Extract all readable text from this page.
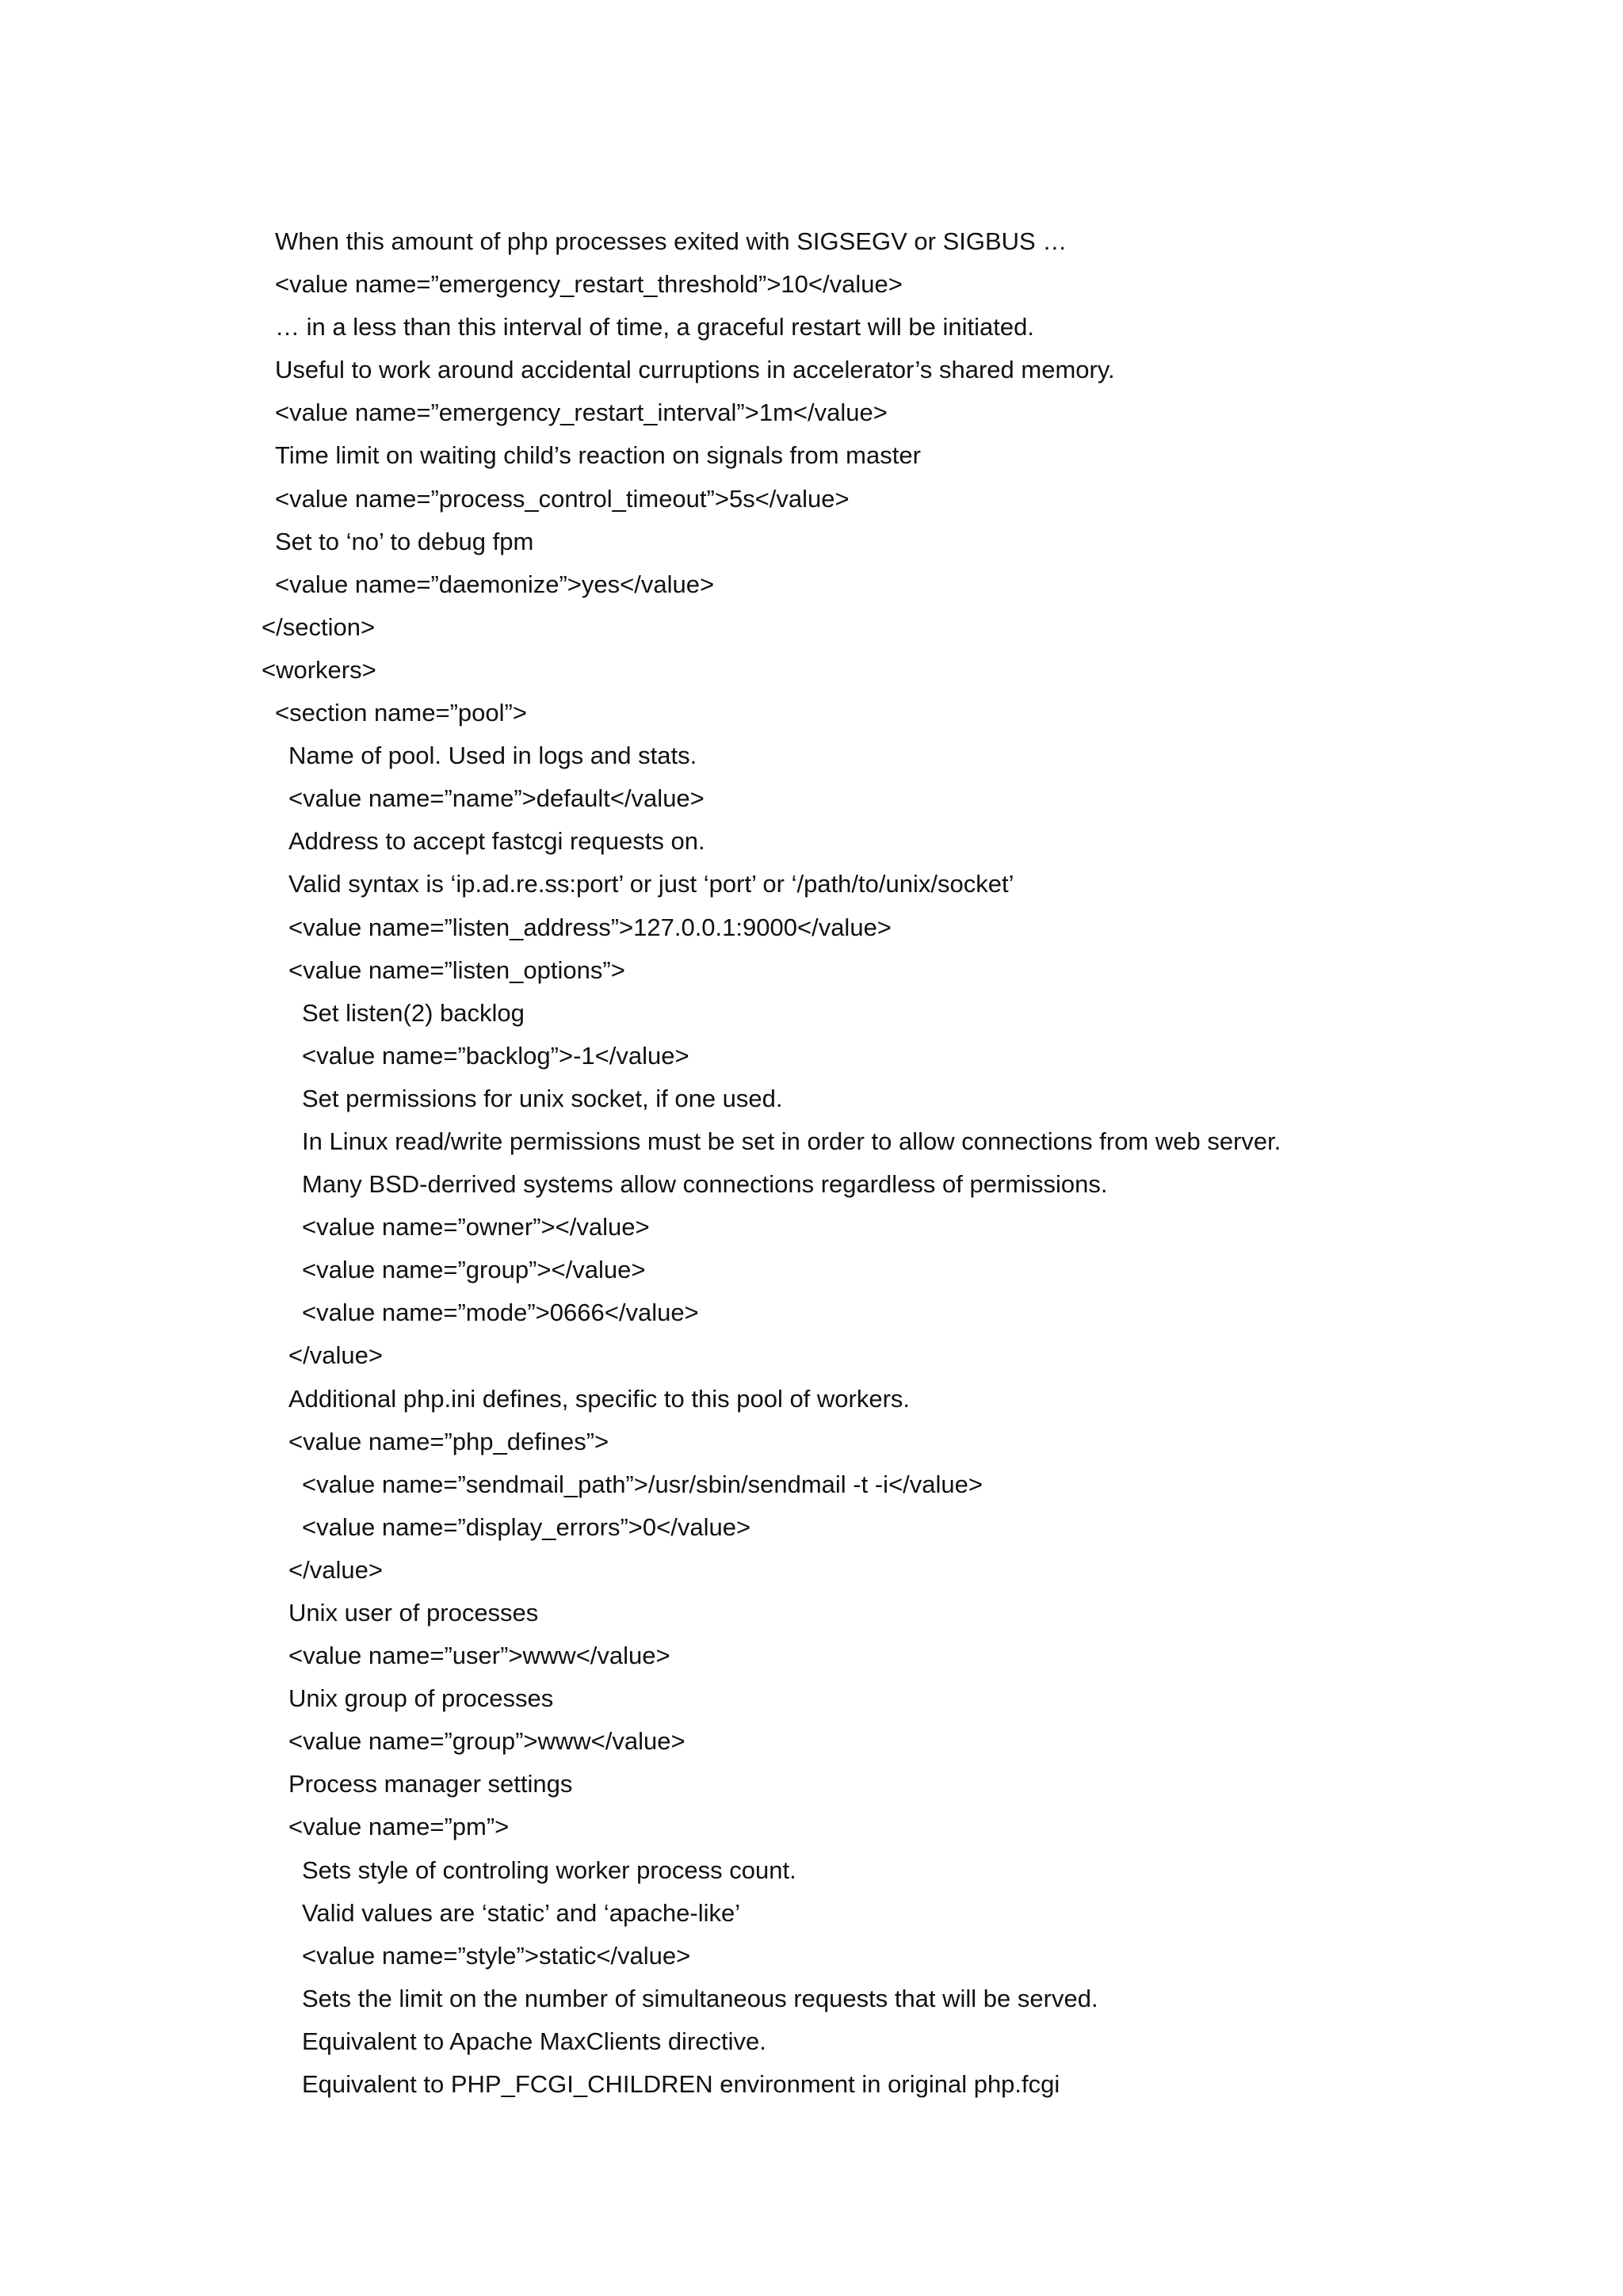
When this amount of php processes exited with SIGSEGV or SIGBUS …
<value name=”emergency_restart_threshold”>10</value>
… in a less than this interval of time, a graceful restart will be initiated.
Useful to work around accidental curruptions in accelerator’s shared memory.
<value name=”emergency_restart_interval”>1m</value>
Time limit on waiting child’s reaction on signals from master
<value name=”process_control_timeout”>5s</value>
Set to ‘no’ to debug fpm
<value name=”daemonize”>yes</value>
</section>
<workers>
<section name=”pool”>
Name of pool. Used in logs and stats.
<value name=”name”>default</value>
Address to accept fastcgi requests on.
Valid syntax is ‘ip.ad.re.ss:port’ or just ‘port’ or ‘/path/to/unix/socket’
<value name=”listen_address”>127.0.0.1:9000</value>
<value name=”listen_options”>
Set listen(2) backlog
<value name=”backlog”>-1</value>
Set permissions for unix socket, if one used.
In Linux read/write permissions must be set in order to allow connections from web server.
Many BSD-derrived systems allow connections regardless of permissions.
<value name=”owner”></value>
<value name=”group”></value>
<value name=”mode”>0666</value>
</value>
Additional php.ini defines, specific to this pool of workers.
<value name=”php_defines”>
<value name=”sendmail_path”>/usr/sbin/sendmail -t -i</value>
<value name=”display_errors”>0</value>
</value>
Unix user of processes
<value name=”user”>www</value>
Unix group of processes
<value name=”group”>www</value>
Process manager settings
<value name=”pm”>
Sets style of controling worker process count.
Valid values are ‘static’ and ‘apache-like’
<value name=”style”>static</value>
Sets the limit on the number of simultaneous requests that will be served.
Equivalent to Apache MaxClients directive.
Equivalent to PHP_FCGI_CHILDREN environment in original php.fcgi
